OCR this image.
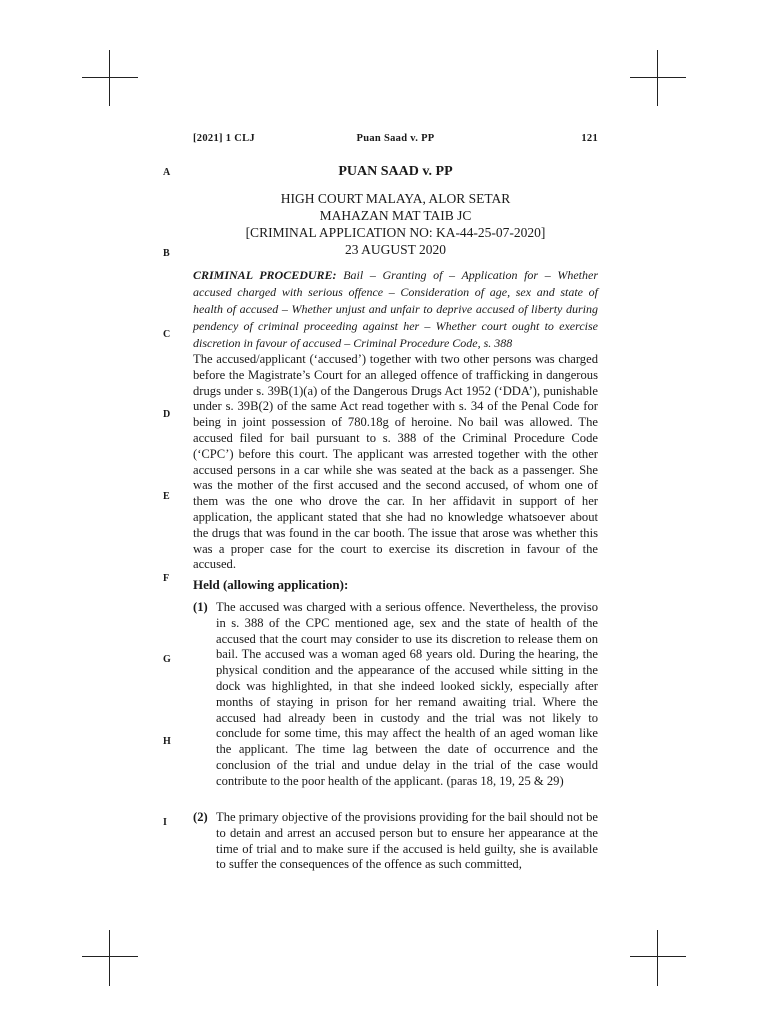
[2021] 1 CLJ	Puan Saad v. PP	121
A
B
C
D
E
F
G
H
I
PUAN SAAD v. PP
HIGH COURT MALAYA, ALOR SETAR
MAHAZAN MAT TAIB JC
[CRIMINAL APPLICATION NO: KA-44-25-07-2020]
23 AUGUST 2020
CRIMINAL PROCEDURE: Bail – Granting of – Application for – Whether accused charged with serious offence – Consideration of age, sex and state of health of accused – Whether unjust and unfair to deprive accused of liberty during pendency of criminal proceeding against her – Whether court ought to exercise discretion in favour of accused – Criminal Procedure Code, s. 388
The accused/applicant (‘accused’) together with two other persons was charged before the Magistrate’s Court for an alleged offence of trafficking in dangerous drugs under s. 39B(1)(a) of the Dangerous Drugs Act 1952 (‘DDA’), punishable under s. 39B(2) of the same Act read together with s. 34 of the Penal Code for being in joint possession of 780.18g of heroine. No bail was allowed. The accused filed for bail pursuant to s. 388 of the Criminal Procedure Code (‘CPC’) before this court. The applicant was arrested together with the other accused persons in a car while she was seated at the back as a passenger. She was the mother of the first accused and the second accused, of whom one of them was the one who drove the car. In her affidavit in support of her application, the applicant stated that she had no knowledge whatsoever about the drugs that was found in the car booth. The issue that arose was whether this was a proper case for the court to exercise its discretion in favour of the accused.
Held (allowing application):
(1) The accused was charged with a serious offence. Nevertheless, the proviso in s. 388 of the CPC mentioned age, sex and the state of health of the accused that the court may consider to use its discretion to release them on bail. The accused was a woman aged 68 years old. During the hearing, the physical condition and the appearance of the accused while sitting in the dock was highlighted, in that she indeed looked sickly, especially after months of staying in prison for her remand awaiting trial. Where the accused had already been in custody and the trial was not likely to conclude for some time, this may affect the health of an aged woman like the applicant. The time lag between the date of occurrence and the conclusion of the trial and undue delay in the trial of the case would contribute to the poor health of the applicant. (paras 18, 19, 25 & 29)
(2) The primary objective of the provisions providing for the bail should not be to detain and arrest an accused person but to ensure her appearance at the time of trial and to make sure if the accused is held guilty, she is available to suffer the consequences of the offence as such committed,
